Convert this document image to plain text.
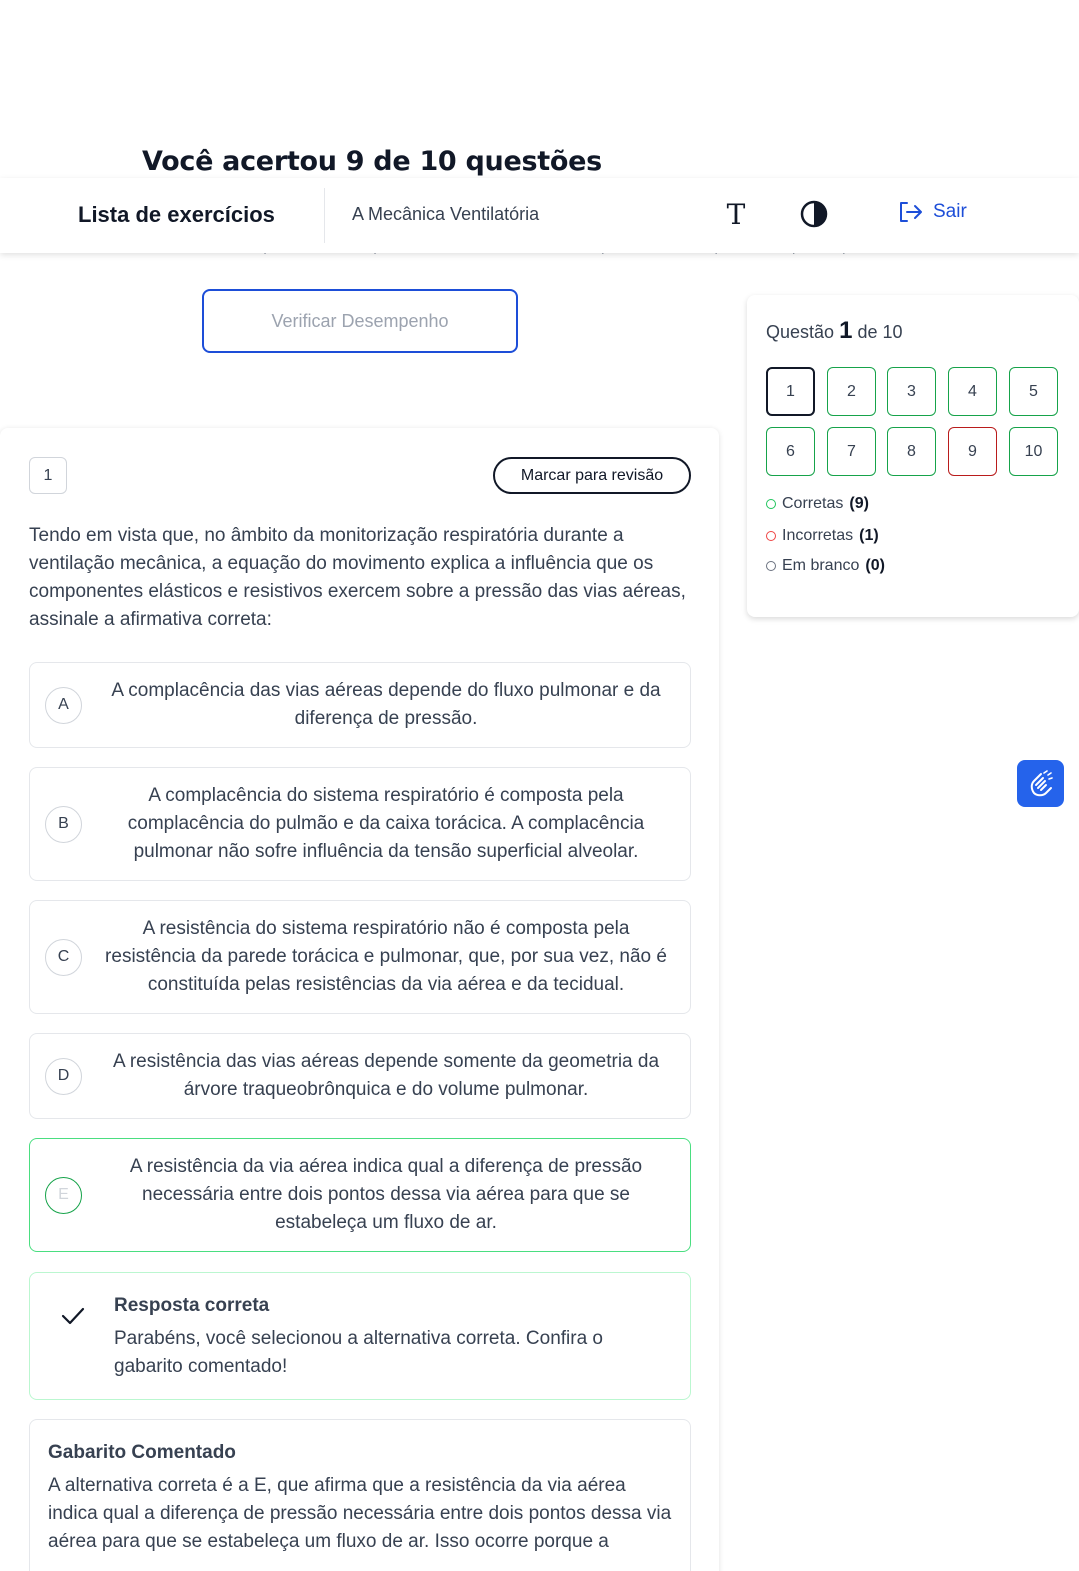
Você acertou 9 de 10 questões
Lista de exercícios	A Mecânica Ventilatória	T	Sair
Verificar Desempenho
1	Marcar para revisão
Tendo em vista que, no âmbito da monitorização respiratória durante a ventilação mecânica, a equação do movimento explica a influência que os componentes elásticos e resistivos exercem sobre a pressão das vias aéreas, assinale a afirmativa correta:
A
A complacência das vias aéreas depende do fluxo pulmonar e da diferença de pressão.
B
A complacência do sistema respiratório é composta pela complacência do pulmão e da caixa torácica. A complacência pulmonar não sofre influência da tensão superficial alveolar.
C
A resistência do sistema respiratório não é composta pela resistência da parede torácica e pulmonar, que, por sua vez, não é constituída pelas resistências da via aérea e da tecidual.
D
A resistência das vias aéreas depende somente da geometria da árvore traqueobrônquica e do volume pulmonar.
E
A resistência da via aérea indica qual a diferença de pressão necessária entre dois pontos dessa via aérea para que se estabeleça um fluxo de ar.
Resposta correta
Parabéns, você selecionou a alternativa correta. Confira o gabarito comentado!
Gabarito Comentado
A alternativa correta é a E, que afirma que a resistência da via aérea indica qual a diferença de pressão necessária entre dois pontos dessa via aérea para que se estabeleça um fluxo de ar. Isso ocorre porque a
Questão 1 de 10
1	2	3	4	5
6	7	8	9	10
Corretas (9)
Incorretas (1)
Em branco (0)
